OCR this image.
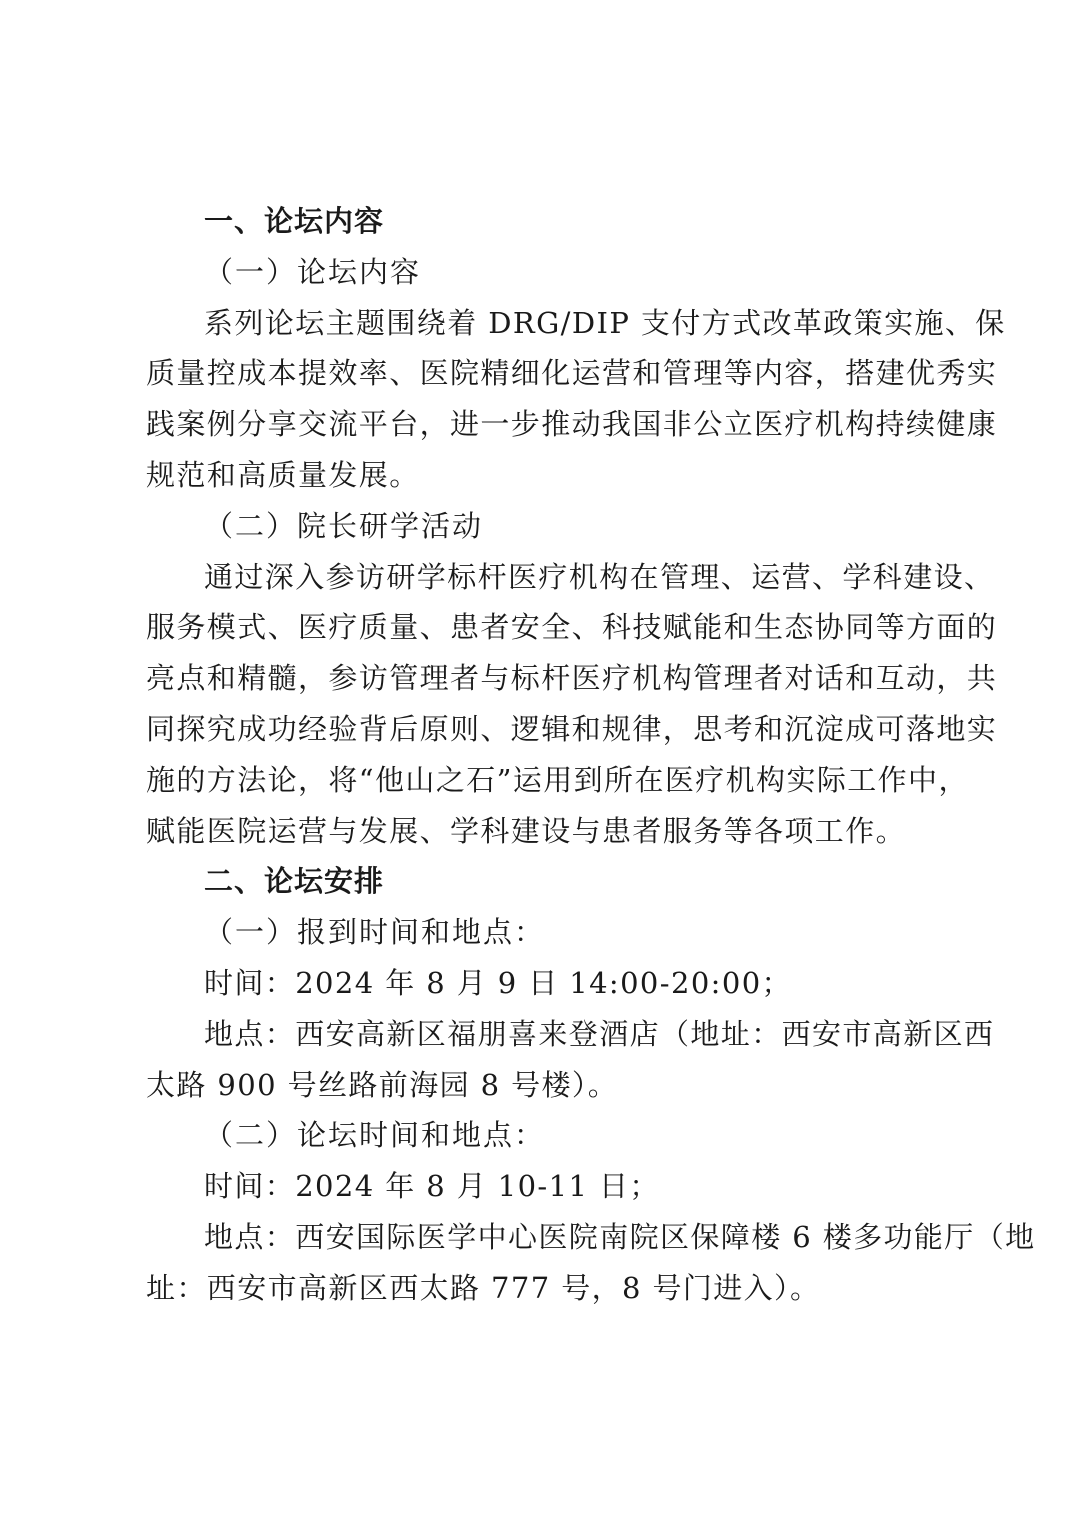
一、论坛内容
（一）论坛内容
系列论坛主题围绕着 DRG/DIP 支付方式改革政策实施、保
质量控成本提效率、医院精细化运营和管理等内容，搭建优秀实
践案例分享交流平台，进一步推动我国非公立医疗机构持续健康
规范和高质量发展。
（二）院长研学活动
通过深入参访研学标杆医疗机构在管理、运营、学科建设、
服务模式、医疗质量、患者安全、科技赋能和生态协同等方面的
亮点和精髓，参访管理者与标杆医疗机构管理者对话和互动，共
同探究成功经验背后原则、逻辑和规律，思考和沉淀成可落地实
施的方法论，将“他山之石”运用到所在医疗机构实际工作中，
赋能医院运营与发展、学科建设与患者服务等各项工作。
二、论坛安排
（一）报到时间和地点：
时间：2024 年 8 月 9 日 14:00-20:00；
地点：西安高新区福朋喜来登酒店（地址：西安市高新区西
太路 900 号丝路前海园 8 号楼）。
（二）论坛时间和地点：
时间：2024 年 8 月 10-11 日；
地点：西安国际医学中心医院南院区保障楼 6 楼多功能厅（地
址：西安市高新区西太路 777 号，8 号门进入）。
